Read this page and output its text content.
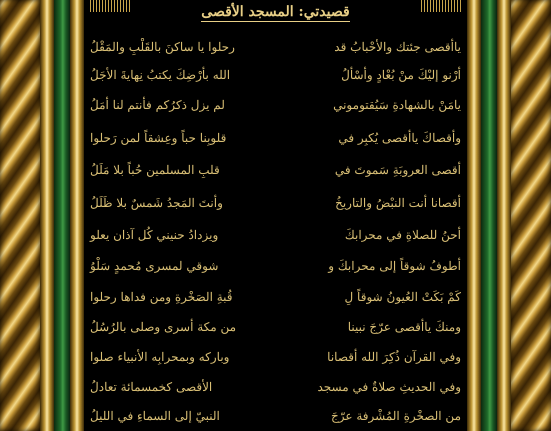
قصيدتي: المسجد الأقصى
ياأقصى جئتك والأحْبابُ قد
رحلوا يا ساكنَ بالقَلْبِ والمَقْلُ
أرْنو إليْكَ منْ بُعْادٍ وأسْألُ
الله بأرْضِكَ يكتبُ نِهايةَ الأجَلُ
يامَنْ بالشهادةِ سَيُقتوموني
لم يزل ذكرُكم فأنتم لنا أمَلُ
وأقصاكَ ياأقصى يُكبِر في
قلوبِنا حباً وعِشقاً لمن رَحلوا
أقصى العروبَةِ سَموتَ في
قلبِ المسلمين حُباً بلا مَلَلُ
أقصانا أنت النبْضُ والتاريخُ
وأنتَ المَجدُ شَمسٌ بلا ظَلَلُ
أحنُ للصلاةِ في محرابكَ
ويزدادُ حنيني كُل آذان يعلو
أطوفُ شوقاً إلى محرابكَ و
شوقي لمسرى مُحمدٍ سَلْوُ
كَمْ بَكَتْ العُيونُ شوقاً لِ
قُبةِ الصَخْرةِ ومن فداها رحلوا
ومنكَ ياأقصى عرّجَ نبينا
من مكة أسرى وصلى بالرُسُلُ
وفي القرآن ذُكِرَ الله أقصانا
وباركه وبمحرابِه الأنبياء صلوا
وفي الحديثِ صلاةٌ في مسجد
الأقصى كخمسمائة تعادلُ
من الصخْرةِ المُشْرفة عرّجَ
النبيّ إلى السماءِ في الليلُ
